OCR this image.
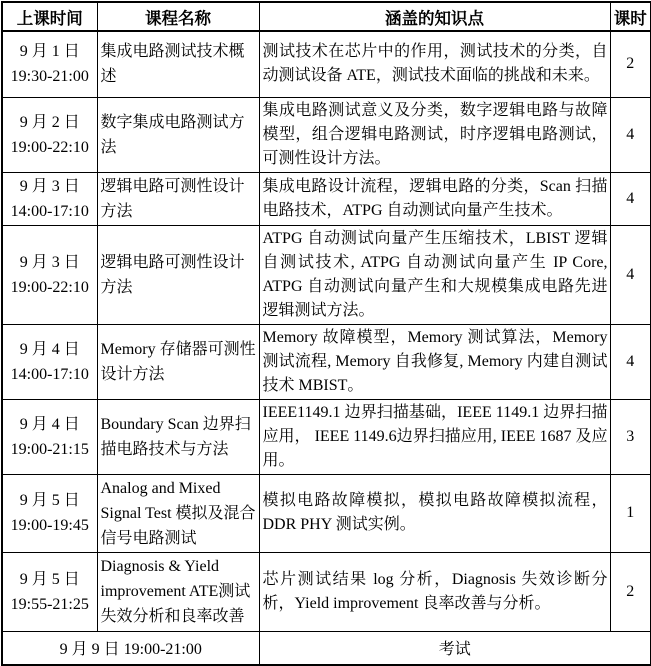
上课时间	课程名称	涵盖的知识点	课时

9 月 1 日
19:30-21:00	集成电路测试技术概述	测试技术在芯片中的作用，测试技术的分类，自动测试设备 ATE，测试技术面临的挑战和未来。	2

9 月 2 日
19:00-22:10	数字集成电路测试方法	集成电路测试意义及分类，数字逻辑电路与故障模型，组合逻辑电路测试，时序逻辑电路测试，可测性设计方法。	4

9 月 3 日
14:00-17:10	逻辑电路可测性设计方法	集成电路设计流程，逻辑电路的分类，Scan 扫描电路技术，ATPG 自动测试向量产生技术。	4

9 月 3 日
19:00-22:10	逻辑电路可测性设计方法	ATPG 自动测试向量产生压缩技术，LBIST 逻辑自测试技术, ATPG 自动测试向量产生 IP Core, ATPG 自动测试向量产生和大规模集成电路先进逻辑测试方法。	4

9 月 4 日
14:00-17:10	Memory 存储器可测性设计方法	Memory 故障模型，Memory 测试算法，Memory 测试流程, Memory 自我修复, Memory 内建自测试技术 MBIST。	4

9 月 4 日
19:00-21:15	Boundary Scan 边界扫描电路技术与方法	IEEE1149.1 边界扫描基础，IEEE 1149.1 边界扫描应用， IEEE 1149.6边界扫描应用, IEEE 1687 及应用。	3

9 月 5 日
19:00-19:45	Analog and Mixed Signal Test 模拟及混合信号电路测试	模拟电路故障模拟，模拟电路故障模拟流程，DDR PHY 测试实例。	1

9 月 5 日
19:55-21:25	Diagnosis & Yield improvement ATE测试失效分析和良率改善	芯片测试结果 log 分析，Diagnosis 失效诊断分析，Yield improvement 良率改善与分析。	2
9 月 9 日 19:00-21:00		考试	
